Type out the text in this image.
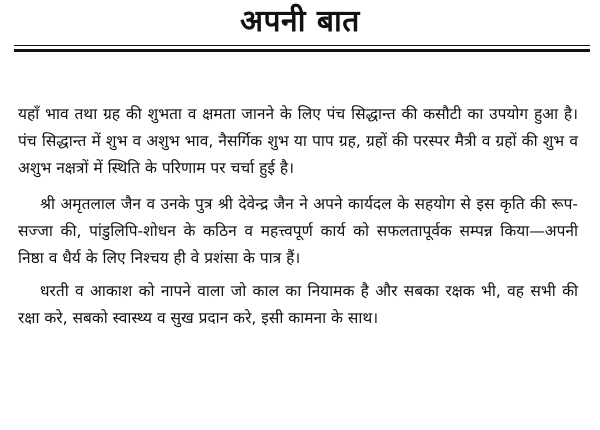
अपनी बात

यहाँ भाव तथा ग्रह की शुभता व क्षमता जानने के लिए पंच सिद्धान्त की कसौटी का उपयोग हुआ है। पंच सिद्धान्त में शुभ व अशुभ भाव, नैसर्गिक शुभ या पाप ग्रह, ग्रहों की परस्पर मैत्री व ग्रहों की शुभ व अशुभ नक्षत्रों में स्थिति के परिणाम पर चर्चा हुई है।

श्री अमृतलाल जैन व उनके पुत्र श्री देवेन्द्र जैन ने अपने कार्यदल के सहयोग से इस कृति की रूप-सज्जा की, पांडुलिपि-शोधन के कठिन व महत्त्वपूर्ण कार्य को सफलतापूर्वक सम्पन्न किया—अपनी निष्ठा व धैर्य के लिए निश्चय ही वे प्रशंसा के पात्र हैं।

धरती व आकाश को नापने वाला जो काल का नियामक है और सबका रक्षक भी, वह सभी की रक्षा करे, सबको स्वास्थ्य व सुख प्रदान करे, इसी कामना के साथ।
